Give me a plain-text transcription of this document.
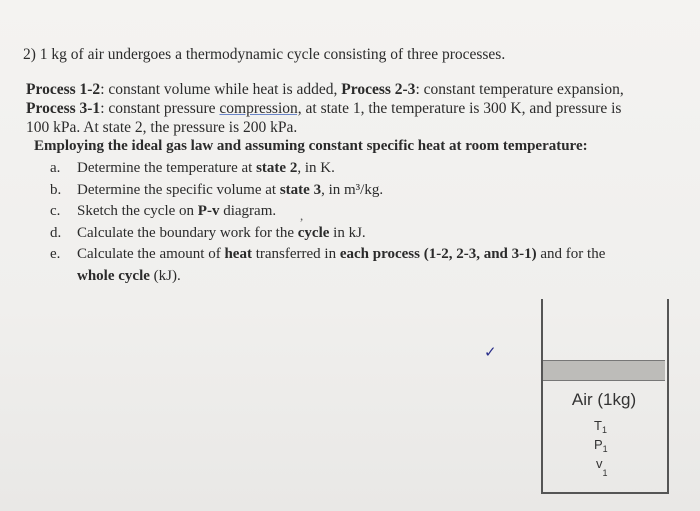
2) 1 kg of air undergoes a thermodynamic cycle consisting of three processes.
Process 1-2: constant volume while heat is added, Process 2-3: constant temperature expansion, Process 3-1: constant pressure compression, at state 1, the temperature is 300 K, and pressure is
100 kPa. At state 2, the pressure is 200 kPa.
Employing the ideal gas law and assuming constant specific heat at room temperature:
a.	Determine the temperature at state 2, in K.
b.	Determine the specific volume at state 3, in m³/kg.
c.	Sketch the cycle on P-v diagram.
d.	Calculate the boundary work for the cycle in kJ.
e.	Calculate the amount of heat transferred in each process (1-2, 2-3, and 3-1) and for the
whole cycle (kJ).
,
✓
Air (1kg)
$T_1$
$P_1$
$v_1$
